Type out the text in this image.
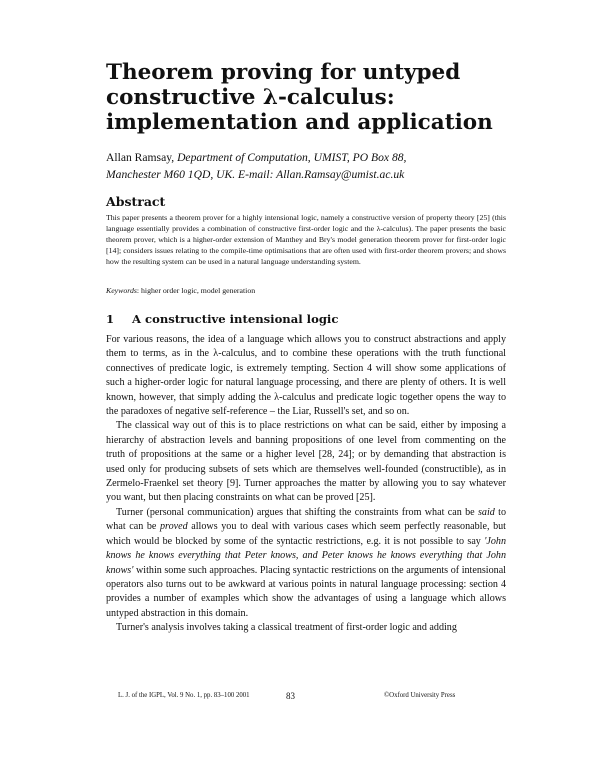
Theorem proving for untyped
constructive λ-calculus:
implementation and application
Allan Ramsay, Department of Computation, UMIST, PO Box 88,
Manchester M60 1QD, UK. E-mail: Allan.Ramsay@umist.ac.uk
Abstract

This paper presents a theorem prover for a highly intensional logic, namely a constructive version of property theory [25] (this language essentially provides a combination of constructive first-order logic and the λ-calculus). The paper presents the basic theorem prover, which is a higher-order extension of Manthey and Bry's model generation theorem prover for first-order logic [14]; considers issues relating to the compile-time optimisations that are often used with first-order theorem provers; and shows how the resulting system can be used in a natural language understanding system.

Keywords: higher order logic, model generation

1 A constructive intensional logic

For various reasons, the idea of a language which allows you to construct abstractions and apply them to terms, as in the λ-calculus, and to combine these operations with the truth functional connectives of predicate logic, is extremely tempting. Section 4 will show some applications of such a higher-order logic for natural language processing, and there are plenty of others. It is well known, however, that simply adding the λ-calculus and predicate logic together opens the way to the paradoxes of negative self-reference – the Liar, Russell's set, and so on.

The classical way out of this is to place restrictions on what can be said, either by imposing a hierarchy of abstraction levels and banning propositions of one level from commenting on the truth of propositions at the same or a higher level [28, 24]; or by demanding that abstraction is used only for producing subsets of sets which are themselves well-founded (constructible), as in Zermelo-Fraenkel set theory [9]. Turner approaches the matter by allowing you to say whatever you want, but then placing constraints on what can be proved [25].

Turner (personal communication) argues that shifting the constraints from what can be said to what can be proved allows you to deal with various cases which seem perfectly reasonable, but which would be blocked by some of the syntactic restrictions, e.g. it is not possible to say 'John knows he knows everything that Peter knows, and Peter knows he knows everything that John knows' within some such approaches. Placing syntactic restrictions on the arguments of intensional operators also turns out to be awkward at various points in natural language processing: section 4 provides a number of examples which show the advantages of using a language which allows untyped abstraction in this domain.

Turner's analysis involves taking a classical treatment of first-order logic and adding

L. J. of the IGPL, Vol. 9 No. 1, pp. 83–100 2001	83	©Oxford University Press
